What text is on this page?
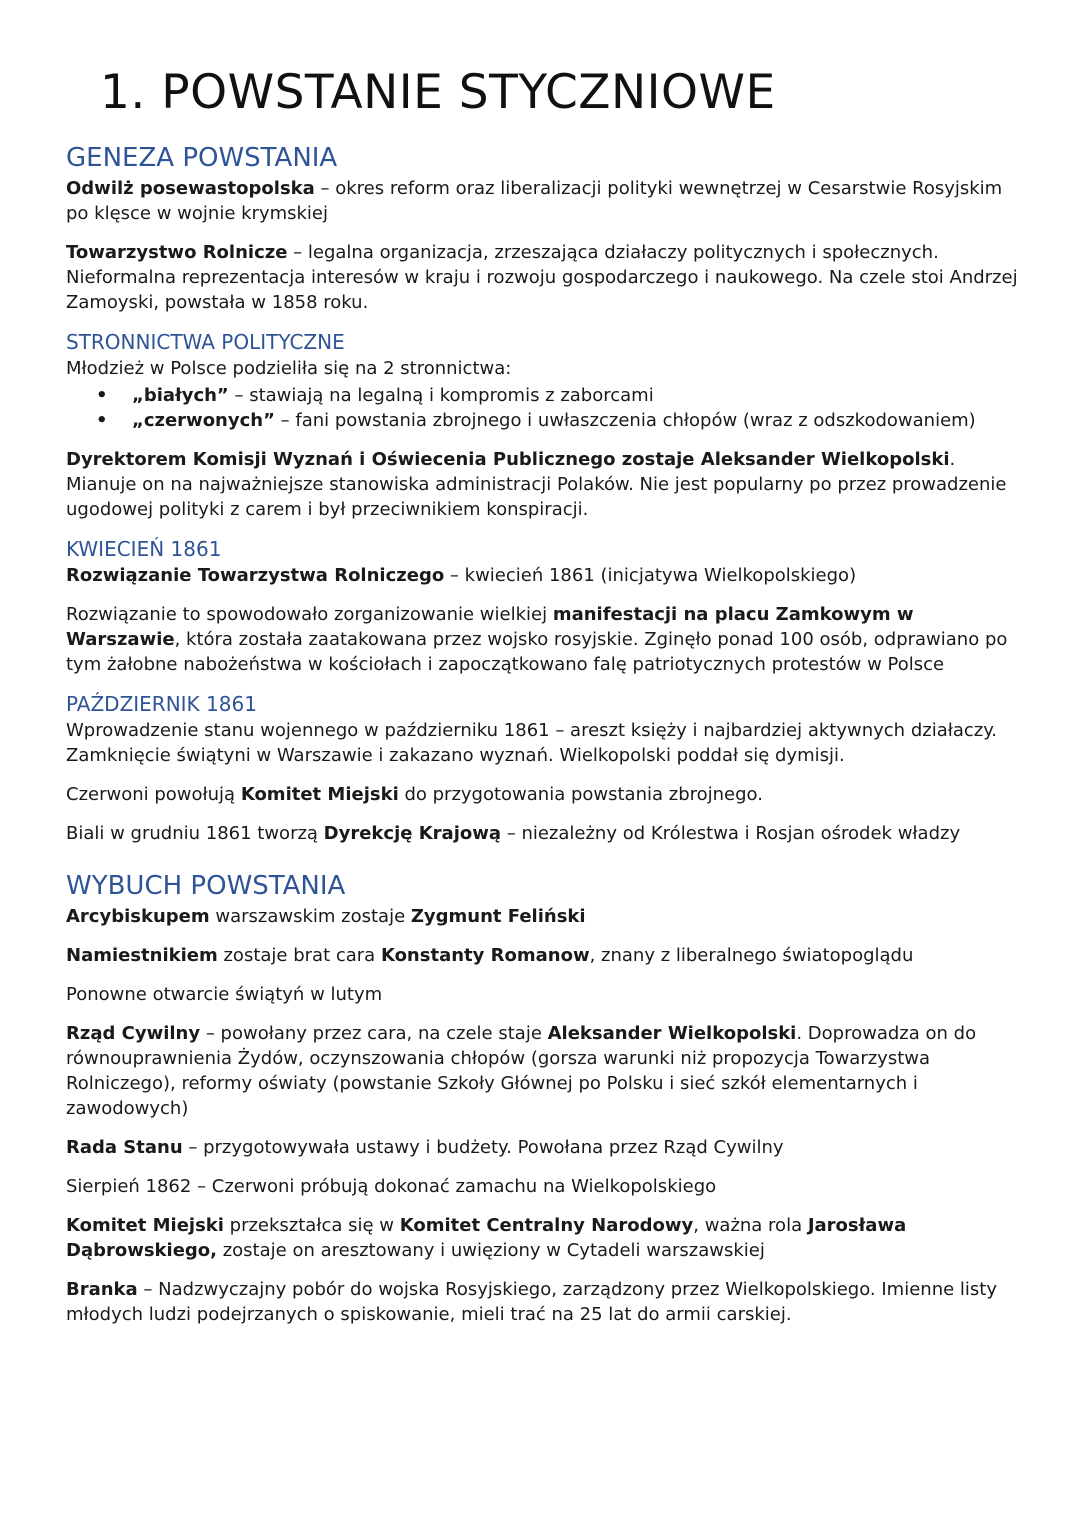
1. POWSTANIE STYCZNIOWE
GENEZA POWSTANIA

Odwilż posewastopolska – okres reform oraz liberalizacji polityki wewnętrzej w Cesarstwie Rosyjskim po klęsce w wojnie krymskiej

Towarzystwo Rolnicze – legalna organizacja, zrzeszająca działaczy politycznych i społecznych. Nieformalna reprezentacja interesów w kraju i rozwoju gospodarczego i naukowego. Na czele stoi Andrzej Zamoyski, powstała w 1858 roku.

STRONNICTWA POLITYCZNE

Młodzież w Polsce podzieliła się na 2 stronnictwa:

• „białych” – stawiają na legalną i kompromis z zaborcami
• „czerwonych” – fani powstania zbrojnego i uwłaszczenia chłopów (wraz z odszkodowaniem)

Dyrektorem Komisji Wyznań i Oświecenia Publicznego zostaje Aleksander Wielkopolski. Mianuje on na najważniejsze stanowiska administracji Polaków. Nie jest popularny po przez prowadzenie ugodowej polityki z carem i był przeciwnikiem konspiracji.

KWIECIEŃ 1861

Rozwiązanie Towarzystwa Rolniczego – kwiecień 1861 (inicjatywa Wielkopolskiego)

Rozwiązanie to spowodowało zorganizowanie wielkiej manifestacji na placu Zamkowym w Warszawie, która została zaatakowana przez wojsko rosyjskie. Zginęło ponad 100 osób, odprawiano po tym żałobne nabożeństwa w kościołach i zapoczątkowano falę patriotycznych protestów w Polsce

PAŹDZIERNIK 1861

Wprowadzenie stanu wojennego w październiku 1861 – areszt księży i najbardziej aktywnych działaczy. Zamknięcie świątyni w Warszawie i zakazano wyznań. Wielkopolski poddał się dymisji.

Czerwoni powołują Komitet Miejski do przygotowania powstania zbrojnego.

Biali w grudniu 1861 tworzą Dyrekcję Krajową – niezależny od Królestwa i Rosjan ośrodek władzy

WYBUCH POWSTANIA

Arcybiskupem warszawskim zostaje Zygmunt Feliński

Namiestnikiem zostaje brat cara Konstanty Romanow, znany z liberalnego światopoglądu

Ponowne otwarcie świątyń w lutym

Rząd Cywilny – powołany przez cara, na czele staje Aleksander Wielkopolski. Doprowadza on do równouprawnienia Żydów, oczynszowania chłopów (gorsza warunki niż propozycja Towarzystwa Rolniczego), reformy oświaty (powstanie Szkoły Głównej po Polsku i sieć szkół elementarnych i zawodowych)

Rada Stanu – przygotowywała ustawy i budżety. Powołana przez Rząd Cywilny

Sierpień 1862 – Czerwoni próbują dokonać zamachu na Wielkopolskiego

Komitet Miejski przekształca się w Komitet Centralny Narodowy, ważna rola Jarosława Dąbrowskiego, zostaje on aresztowany i uwięziony w Cytadeli warszawskiej

Branka – Nadzwyczajny pobór do wojska Rosyjskiego, zarządzony przez Wielkopolskiego. Imienne listy młodych ludzi podejrzanych o spiskowanie, mieli trać na 25 lat do armii carskiej.
